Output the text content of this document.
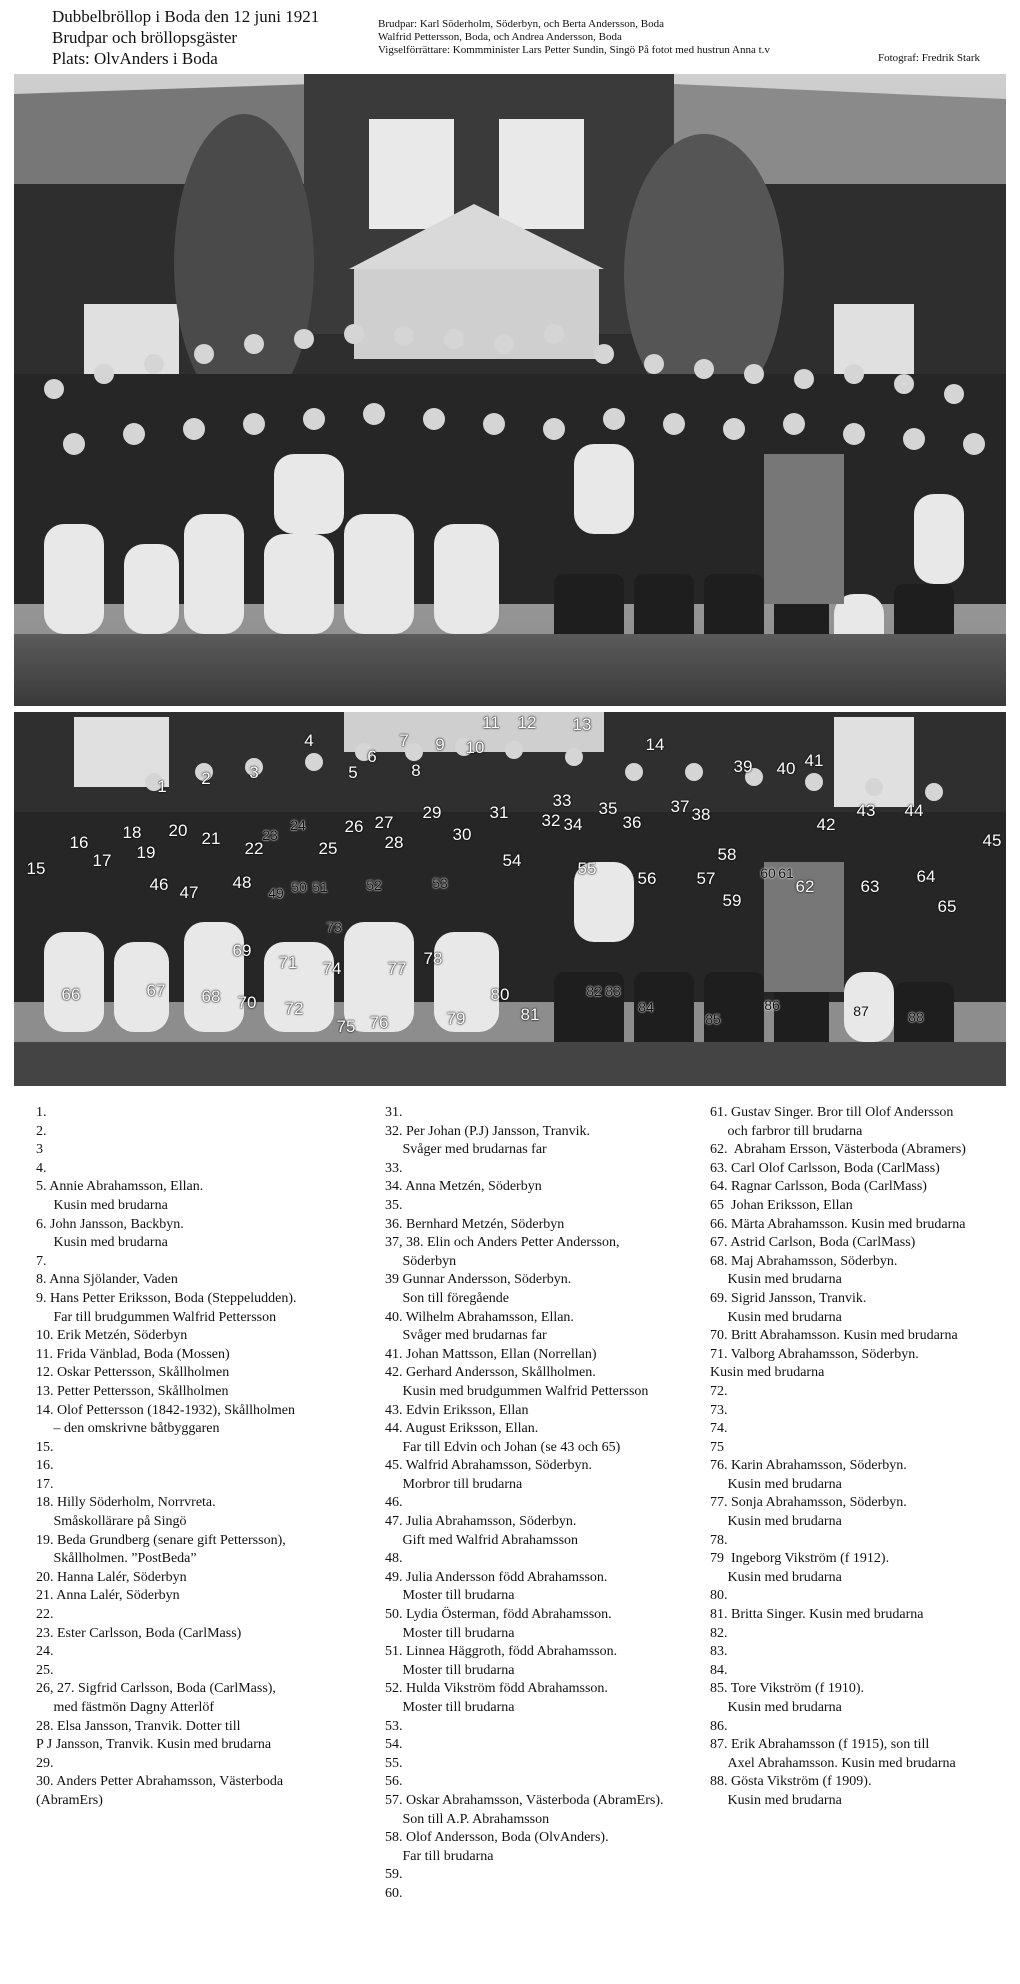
Dubbelbröllop i Boda den 12 juni 1921
Brudpar och bröllopsgäster
Plats: OlvAnders i Boda
Brudpar: Karl Söderholm, Söderbyn, och Berta Andersson, Boda
Walfrid Pettersson, Boda, och Andrea Andersson, Boda
Vigselförrättare: Kommminister Lars Petter Sundin, Singö På fotot med hustrun Anna t.v
Fotograf: Fredrik Stark
1 2 3
4
5
6
7
8
9 10
11 12 13
14
15
16
17
18
19
20 21
22
23
24
25
26 27
28
29
30
31 32
33
34
35
36
37 38
39 40 41
42
43 44
45
46 47
48
49 50 51	52	53
54	55
56 57
58
59
60 61
62	63
64
65
66	67 68
69
70
71
72
73
74
75 76
77
78
79
80
81
82 83
84
85
86	87	88
1.
2.
3
4.
5. Annie Abrahamsson, Ellan.
Kusin med brudarna
6. John Jansson, Backbyn.
Kusin med brudarna
7.
8. Anna Sjölander, Vaden
9. Hans Petter Eriksson, Boda (Steppeludden).
Far till brudgummen Walfrid Pettersson
10. Erik Metzén, Söderbyn
11. Frida Vänblad, Boda (Mossen)
12. Oskar Pettersson, Skållholmen
13. Petter Pettersson, Skållholmen
14. Olof Pettersson (1842-1932), Skållholmen
– den omskrivne båtbyggaren
15.
16.
17.
18. Hilly Söderholm, Norrvreta.
Småskollärare på Singö
19. Beda Grundberg (senare gift Pettersson),
Skållholmen. ”PostBeda”
20. Hanna Lalér, Söderbyn
21. Anna Lalér, Söderbyn
22.
23. Ester Carlsson, Boda (CarlMass)
24.
25.
26, 27. Sigfrid Carlsson, Boda (CarlMass),
med fästmön Dagny Atterlöf
28. Elsa Jansson, Tranvik. Dotter till
P J Jansson, Tranvik. Kusin med brudarna
29.
30. Anders Petter Abrahamsson, Västerboda
(AbramErs)
31.
32. Per Johan (P.J) Jansson, Tranvik.
Svåger med brudarnas far
33.
34. Anna Metzén, Söderbyn
35.
36. Bernhard Metzén, Söderbyn
37, 38. Elin och Anders Petter Andersson,
Söderbyn
39 Gunnar Andersson, Söderbyn.
Son till föregående
40. Wilhelm Abrahamsson, Ellan.
Svåger med brudarnas far
41. Johan Mattsson, Ellan (Norrellan)
42. Gerhard Andersson, Skållholmen.
Kusin med brudgummen Walfrid Pettersson
43. Edvin Eriksson, Ellan
44. August Eriksson, Ellan.
Far till Edvin och Johan (se 43 och 65)
45. Walfrid Abrahamsson, Söderbyn.
Morbror till brudarna
46.
47. Julia Abrahamsson, Söderbyn.
Gift med Walfrid Abrahamsson
48.
49. Julia Andersson född Abrahamsson.
Moster till brudarna
50. Lydia Österman, född Abrahamsson.
Moster till brudarna
51. Linnea Häggroth, född Abrahamsson.
Moster till brudarna
52. Hulda Vikström född Abrahamsson.
Moster till brudarna
53.
54.
55.
56.
57. Oskar Abrahamsson, Västerboda (AbramErs).
Son till A.P. Abrahamsson
58. Olof Andersson, Boda (OlvAnders).
Far till brudarna
59.
60.
61. Gustav Singer. Bror till Olof Andersson
och farbror till brudarna
62.  Abraham Ersson, Västerboda (Abramers)
63. Carl Olof Carlsson, Boda (CarlMass)
64. Ragnar Carlsson, Boda (CarlMass)
65  Johan Eriksson, Ellan
66. Märta Abrahamsson. Kusin med brudarna
67. Astrid Carlson, Boda (CarlMass)
68. Maj Abrahamsson, Söderbyn.
Kusin med brudarna
69. Sigrid Jansson, Tranvik.
Kusin med brudarna
70. Britt Abrahamsson. Kusin med brudarna
71. Valborg Abrahamsson, Söderbyn.
Kusin med brudarna
72.
73.
74.
75
76. Karin Abrahamsson, Söderbyn.
Kusin med brudarna
77. Sonja Abrahamsson, Söderbyn.
Kusin med brudarna
78.
79  Ingeborg Vikström (f 1912).
Kusin med brudarna
80.
81. Britta Singer. Kusin med brudarna
82.
83.
84.
85. Tore Vikström (f 1910).
Kusin med brudarna
86.
87. Erik Abrahamsson (f 1915), son till
Axel Abrahamsson. Kusin med brudarna
88. Gösta Vikström (f 1909).
Kusin med brudarna
